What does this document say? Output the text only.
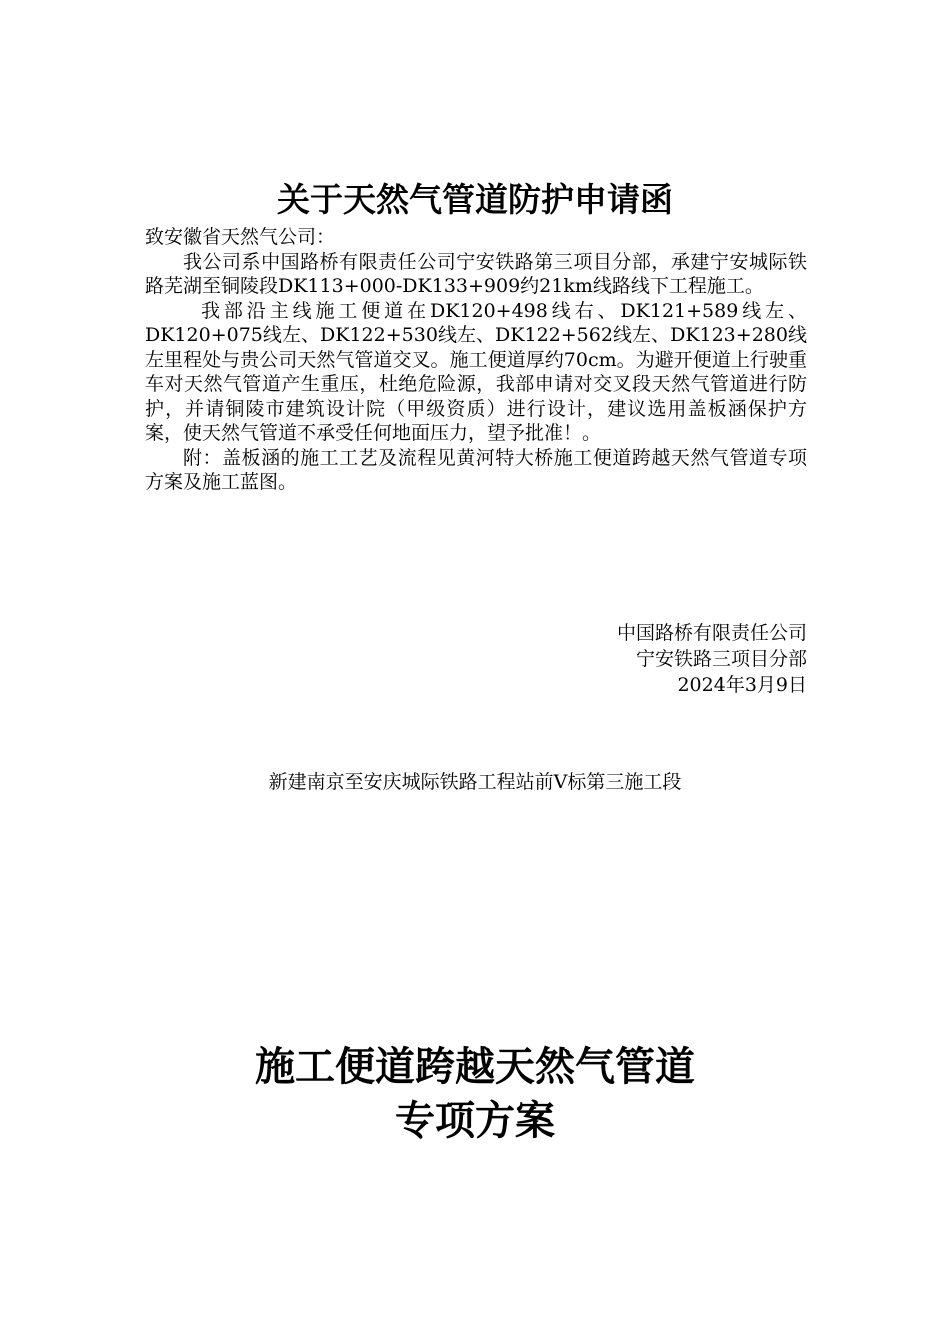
关于天然气管道防护申请函

致安徽省天然气公司：

我公司系中国路桥有限责任公司宁安铁路第三项目分部，承建宁安城际铁路芜湖至铜陵段DK113+000-DK133+909约21km线路线下工程施工。

我部沿主线施工便道在DK120+498线右、DK121+589线左、DK120+075线左、DK122+530线左、DK122+562线左、DK123+280线左里程处与贵公司天然气管道交叉。施工便道厚约70cm。为避开便道上行驶重车对天然气管道产生重压，杜绝危险源，我部申请对交叉段天然气管道进行防护，并请铜陵市建筑设计院（甲级资质）进行设计，建议选用盖板涵保护方案，使天然气管道不承受任何地面压力，望予批准！。

附：盖板涵的施工工艺及流程见黄河特大桥施工便道跨越天然气管道专项方案及施工蓝图。

中国路桥有限责任公司
宁安铁路三项目分部
2024年3月9日
新建南京至安庆城际铁路工程站前Ⅴ标第三施工段
施工便道跨越天然气管道
专项方案
